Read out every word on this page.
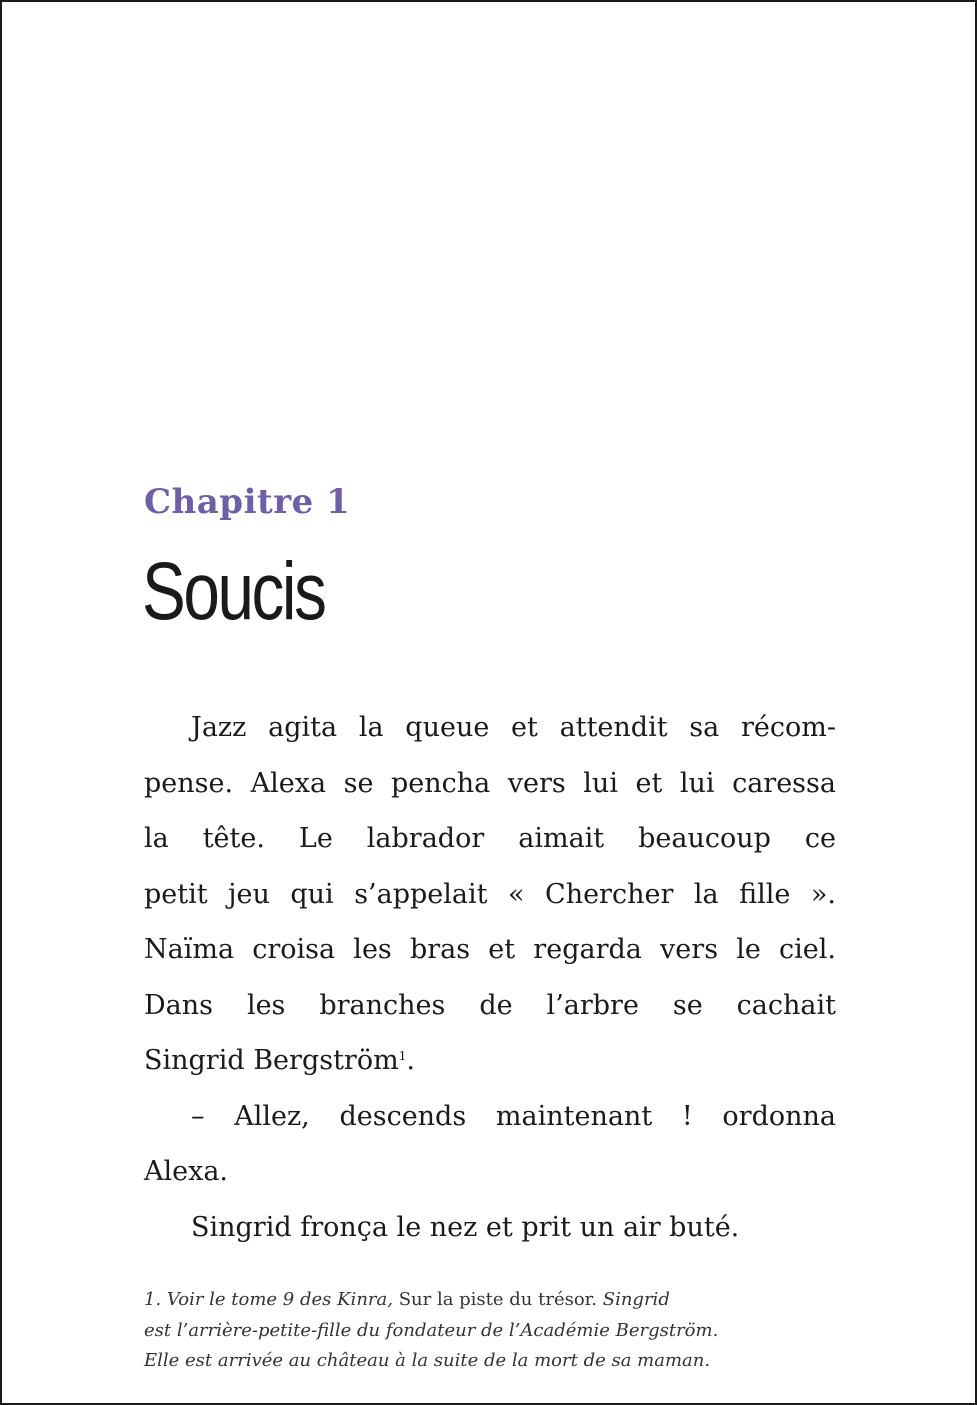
Chapitre 1
Soucis
Jazz agita la queue et attendit sa récom-
pense. Alexa se pencha vers lui et lui caressa
la tête. Le labrador aimait beaucoup ce
petit jeu qui s’appelait « Chercher la fille ».
Naïma croisa les bras et regarda vers le ciel.
Dans les branches de l’arbre se cachait
Singrid Bergström$^1$.
– Allez, descends maintenant ! ordonna
Alexa.
Singrid fronça le nez et prit un air buté.
1. Voir le tome 9 des Kinra, Sur la piste du trésor. Singrid
est l’arrière-petite-fille du fondateur de l’Académie Bergström.
Elle est arrivée au château à la suite de la mort de sa maman.
